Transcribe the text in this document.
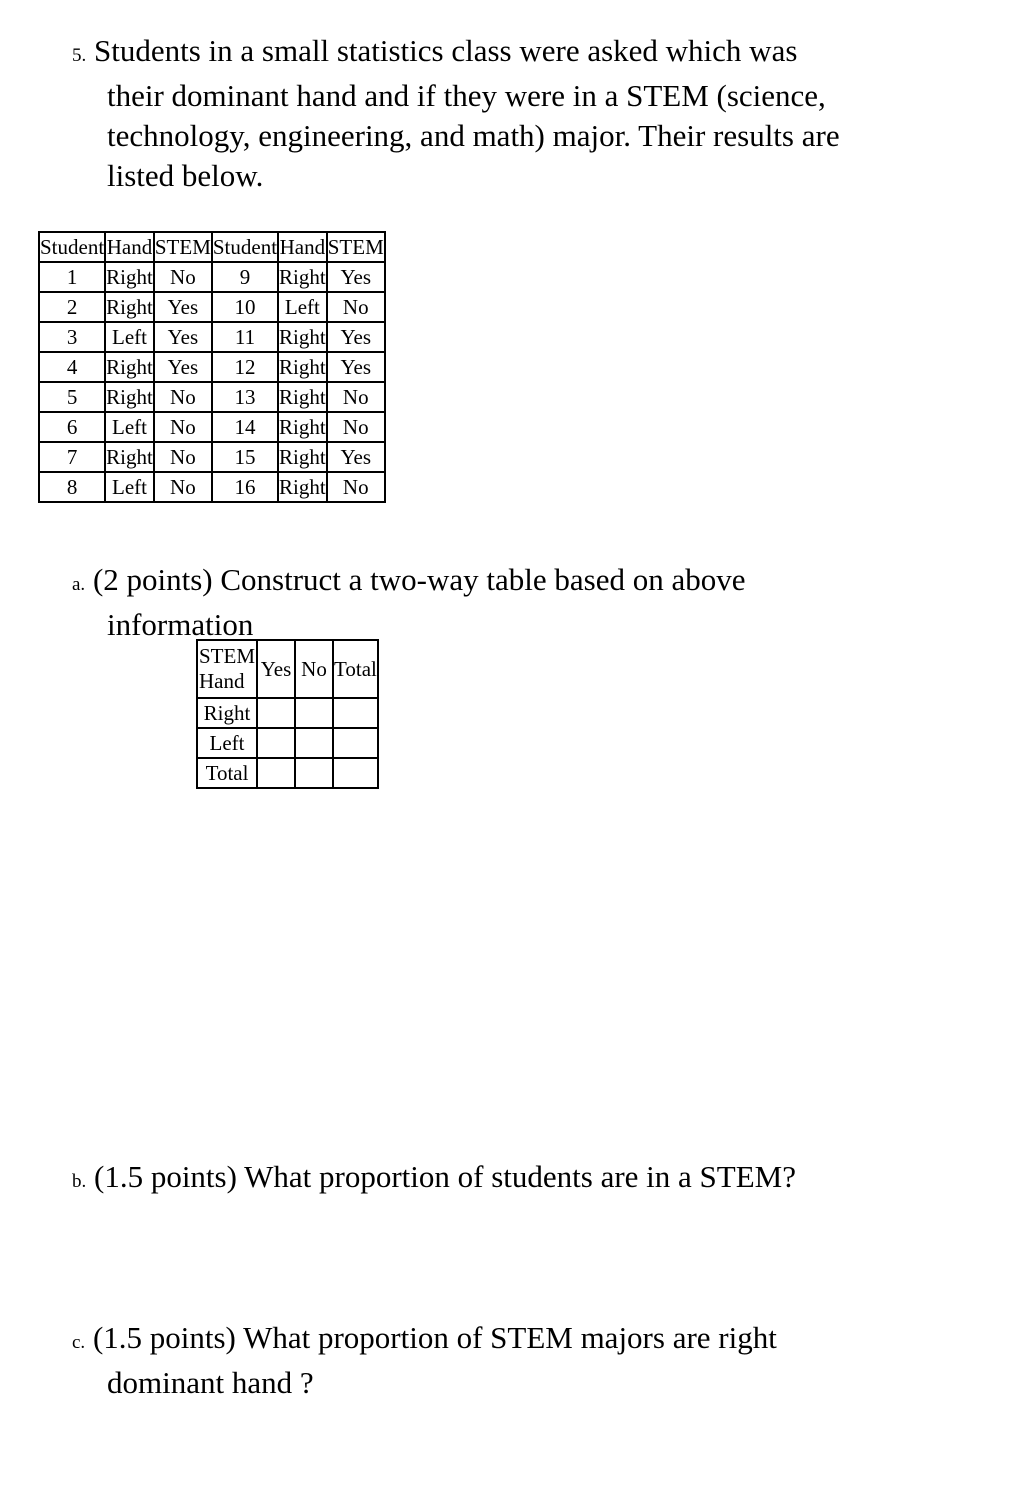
5. Students in a small statistics class were asked which was
their dominant hand and if they were in a STEM (science,
technology, engineering, and math) major. Their results are
listed below.
Student	Hand	STEM	Student	Hand	STEM
1	Right	No	9	Right	Yes
2	Right	Yes	10	Left	No
3	Left	Yes	11	Right	Yes
4	Right	Yes	12	Right	Yes
5	Right	No	13	Right	No
6	Left	No	14	Right	No
7	Right	No	15	Right	Yes
8	Left	No	16	Right	No
a. (2 points) Construct a two-way table based on above
information
STEM
Hand	Yes	No	Total
Right			
Left			
Total			
b. (1.5 points) What proportion of students are in a STEM?
c. (1.5 points) What proportion of STEM majors are right
dominant hand ?
